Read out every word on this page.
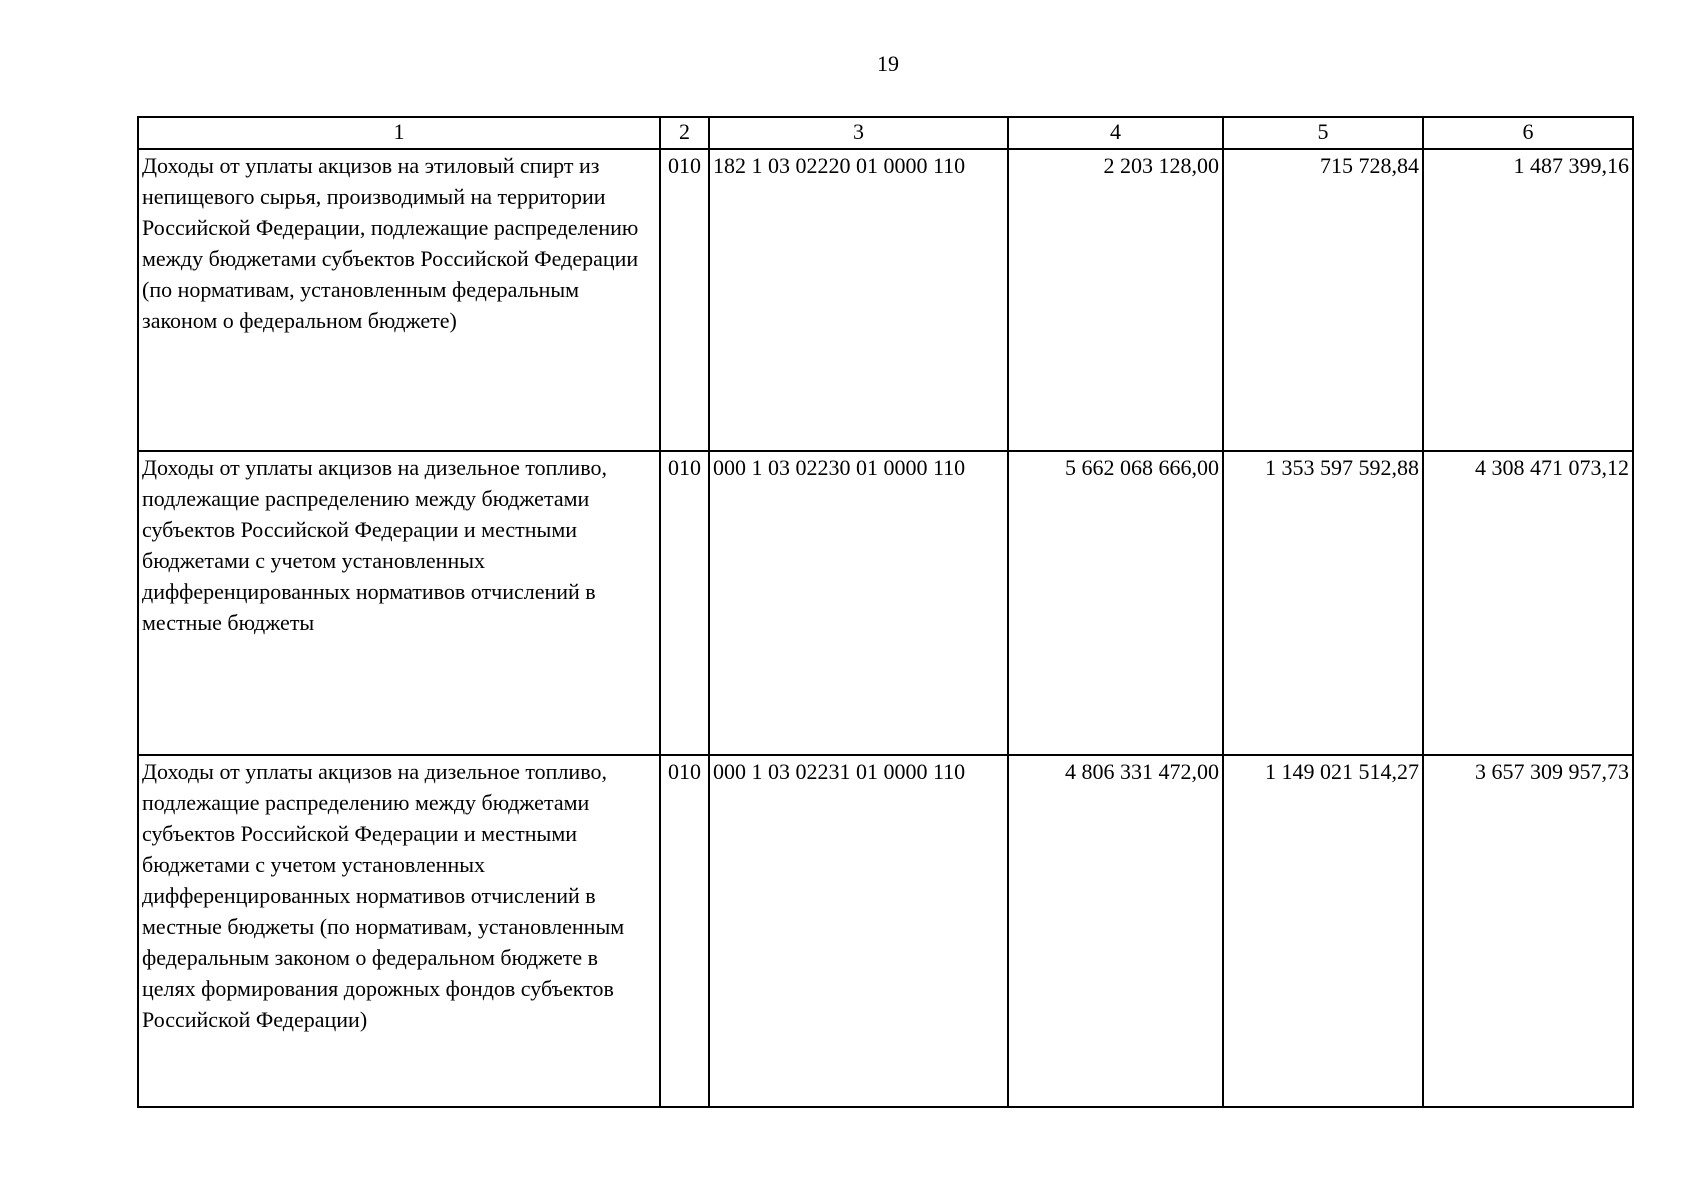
19
1	2	3	4	5	6
Доходы от уплаты акцизов на этиловый спирт из непищевого сырья, производимый на территории Российской Федерации, подлежащие распределению между бюджетами субъектов Российской Федерации (по нормативам, установленным федеральным законом о федеральном бюджете)	010	182 1 03 02220 01 0000 110	2 203 128,00	715 728,84	1 487 399,16
Доходы от уплаты акцизов на дизельное топливо, подлежащие распределению между бюджетами субъектов Российской Федерации и местными бюджетами с учетом установленных дифференцированных нормативов отчислений в местные бюджеты	010	000 1 03 02230 01 0000 110	5 662 068 666,00	1 353 597 592,88	4 308 471 073,12
Доходы от уплаты акцизов на дизельное топливо, подлежащие распределению между бюджетами субъектов Российской Федерации и местными бюджетами с учетом установленных дифференцированных нормативов отчислений в местные бюджеты (по нормативам, установленным федеральным законом о федеральном бюджете в целях формирования дорожных фондов субъектов Российской Федерации)	010	000 1 03 02231 01 0000 110	4 806 331 472,00	1 149 021 514,27	3 657 309 957,73
